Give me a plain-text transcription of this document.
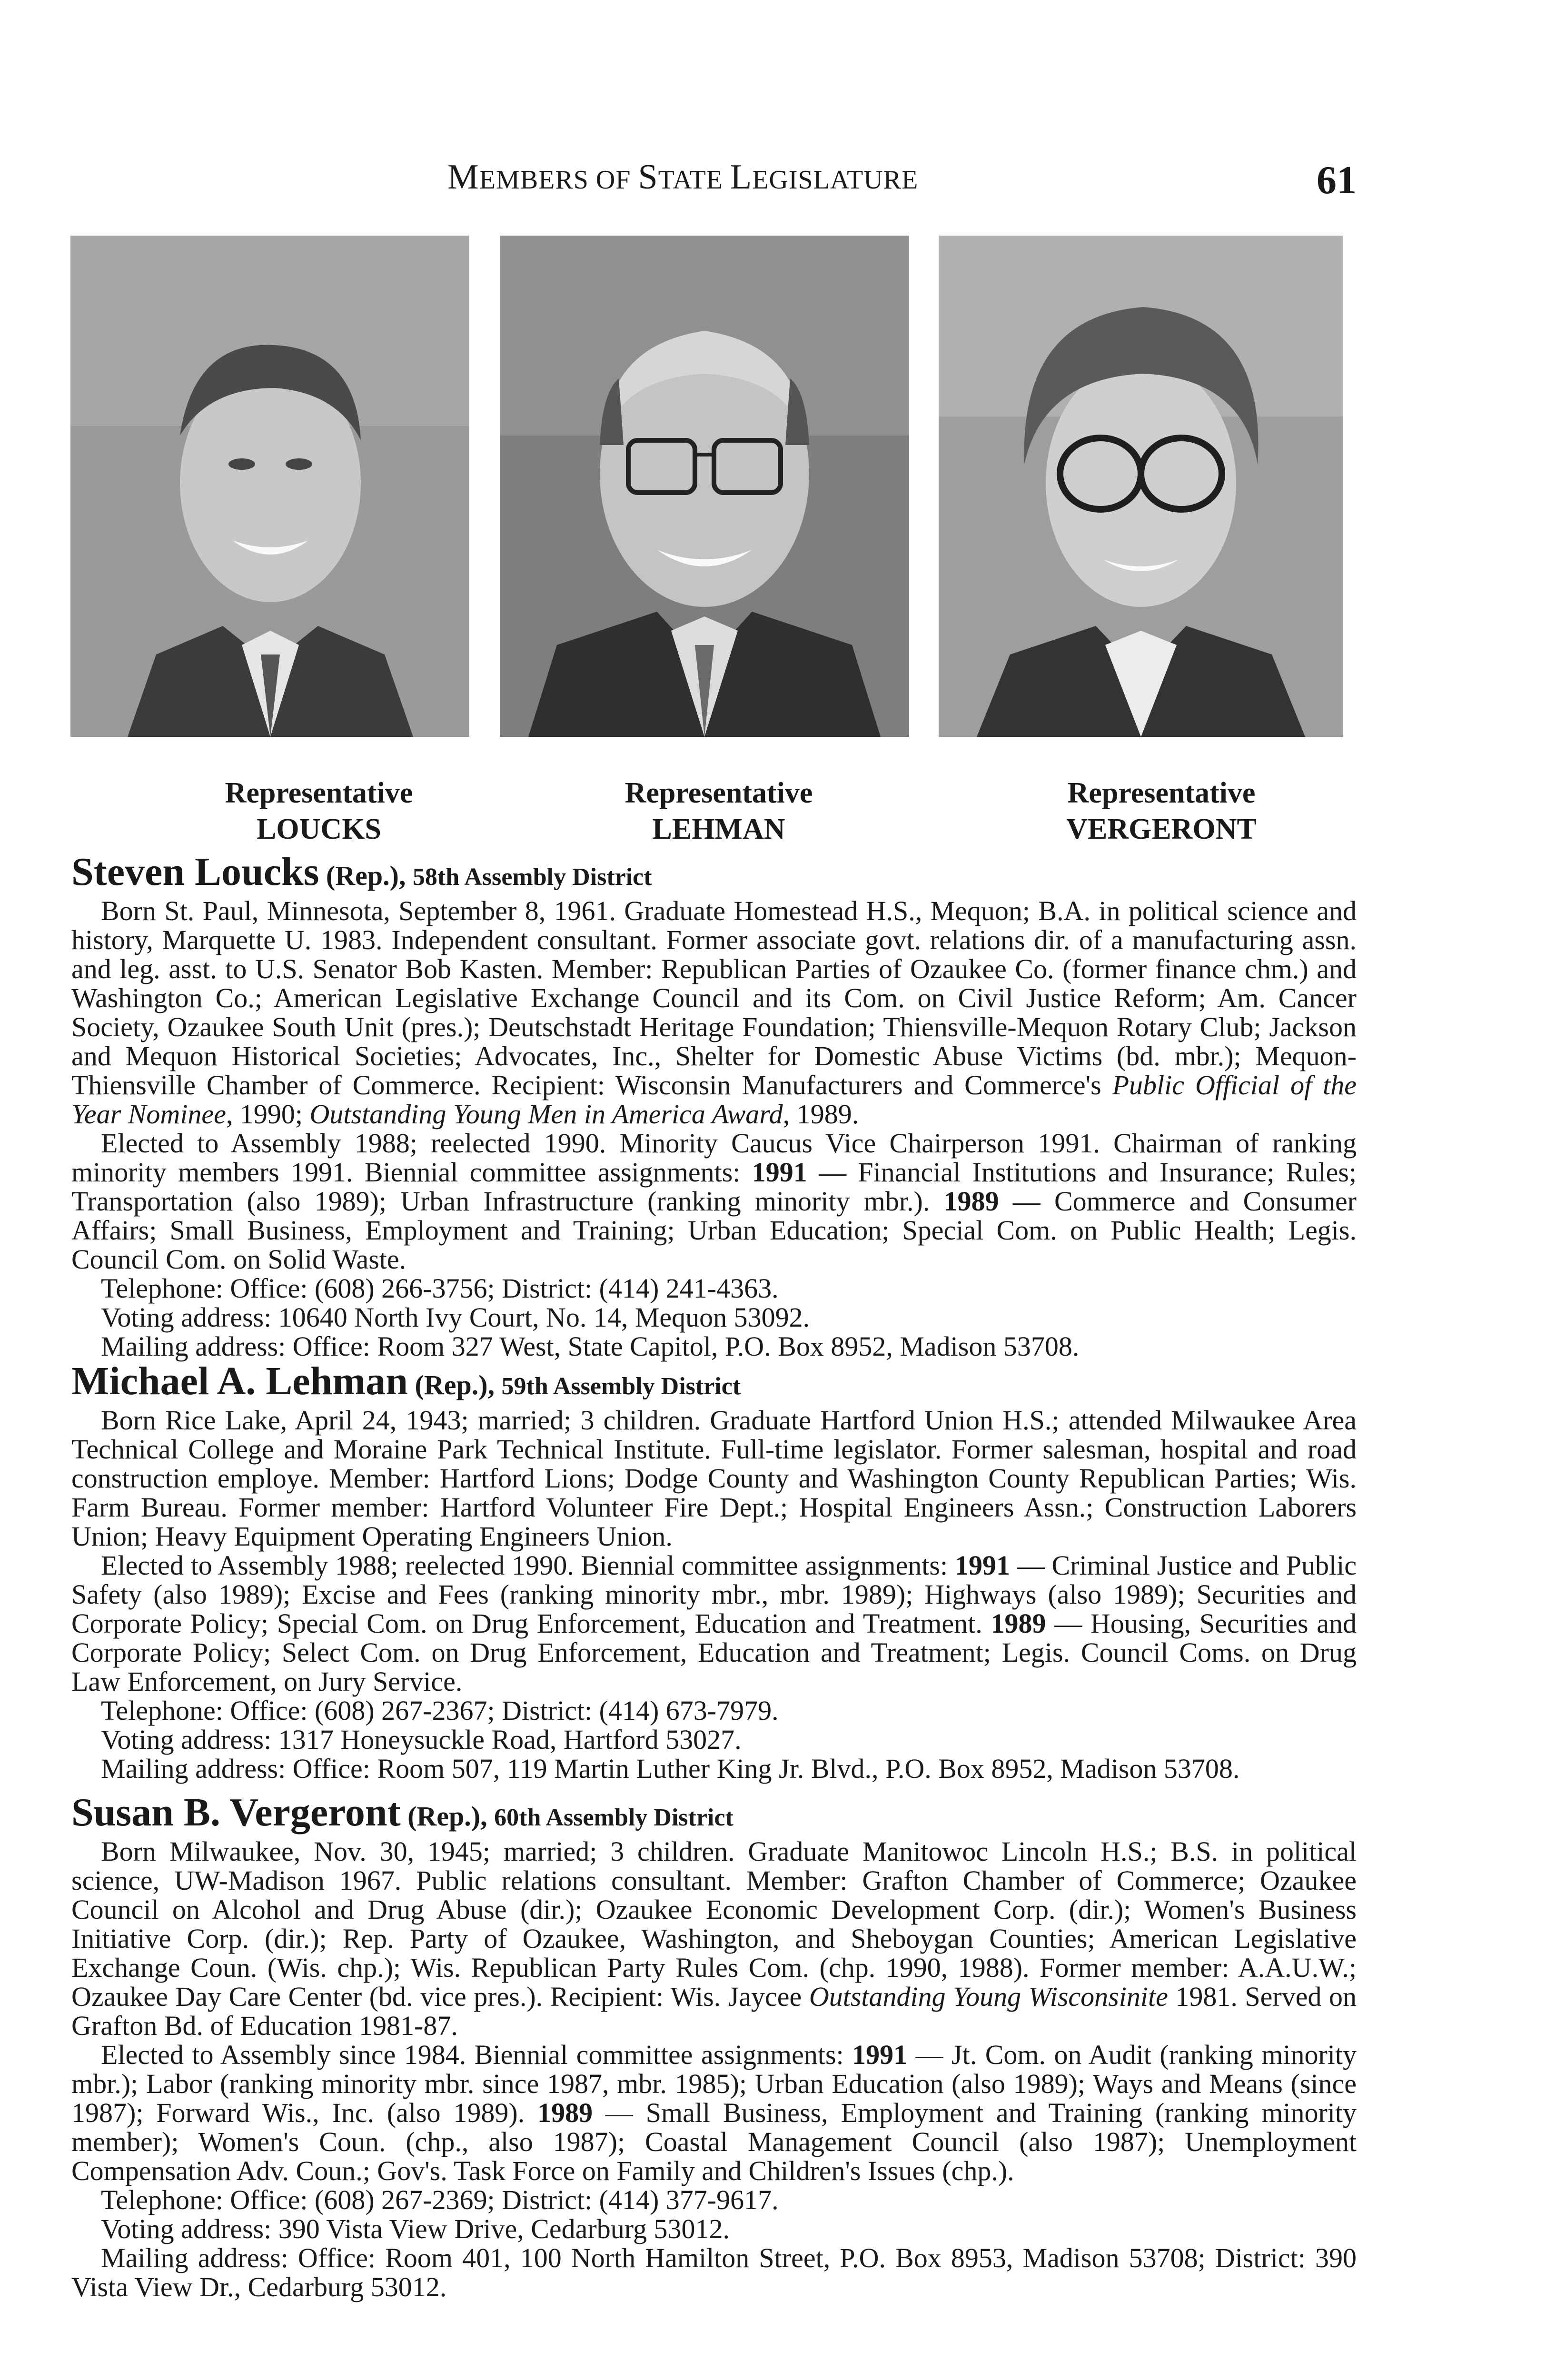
MEMBERS OF STATE LEGISLATURE	61
Representative
LOUCKS
Representative
LEHMAN
Representative
VERGERONT

Steven Loucks (Rep.), 58th Assembly District

Born St. Paul, Minnesota, September 8, 1961. Graduate Homestead H.S., Mequon; B.A. in political science and history, Marquette U. 1983. Independent consultant. Former associate govt. relations dir. of a manufacturing assn. and leg. asst. to U.S. Senator Bob Kasten. Member: Republican Parties of Ozaukee Co. (former finance chm.) and Washington Co.; American Legislative Exchange Council and its Com. on Civil Justice Reform; Am. Cancer Society, Ozaukee South Unit (pres.); Deutschstadt Heritage Foundation; Thiensville-Mequon Rotary Club; Jackson and Mequon Historical Societies; Advocates, Inc., Shelter for Domestic Abuse Victims (bd. mbr.); Mequon-Thiensville Chamber of Commerce. Recipient: Wisconsin Manufacturers and Commerce's Public Official of the Year Nominee, 1990; Outstanding Young Men in America Award, 1989.

Elected to Assembly 1988; reelected 1990. Minority Caucus Vice Chairperson 1991. Chairman of ranking minority members 1991. Biennial committee assignments: 1991 — Financial Institutions and Insurance; Rules; Transportation (also 1989); Urban Infrastructure (ranking minority mbr.). 1989 — Commerce and Consumer Affairs; Small Business, Employment and Training; Urban Education; Special Com. on Public Health; Legis. Council Com. on Solid Waste.

Telephone: Office: (608) 266-3756; District: (414) 241-4363.

Voting address: 10640 North Ivy Court, No. 14, Mequon 53092.

Mailing address: Office: Room 327 West, State Capitol, P.O. Box 8952, Madison 53708.

Michael A. Lehman (Rep.), 59th Assembly District

Born Rice Lake, April 24, 1943; married; 3 children. Graduate Hartford Union H.S.; attended Milwaukee Area Technical College and Moraine Park Technical Institute. Full-time legislator. Former salesman, hospital and road construction employe. Member: Hartford Lions; Dodge County and Washington County Republican Parties; Wis. Farm Bureau. Former member: Hartford Volunteer Fire Dept.; Hospital Engineers Assn.; Construction Laborers Union; Heavy Equipment Operating Engineers Union.

Elected to Assembly 1988; reelected 1990. Biennial committee assignments: 1991 — Criminal Justice and Public Safety (also 1989); Excise and Fees (ranking minority mbr., mbr. 1989); Highways (also 1989); Securities and Corporate Policy; Special Com. on Drug Enforcement, Education and Treatment. 1989 — Housing, Securities and Corporate Policy; Select Com. on Drug Enforcement, Education and Treatment; Legis. Council Coms. on Drug Law Enforcement, on Jury Service.

Telephone: Office: (608) 267-2367; District: (414) 673-7979.

Voting address: 1317 Honeysuckle Road, Hartford 53027.

Mailing address: Office: Room 507, 119 Martin Luther King Jr. Blvd., P.O. Box 8952, Madison 53708.

Susan B. Vergeront (Rep.), 60th Assembly District

Born Milwaukee, Nov. 30, 1945; married; 3 children. Graduate Manitowoc Lincoln H.S.; B.S. in political science, UW-Madison 1967. Public relations consultant. Member: Grafton Chamber of Commerce; Ozaukee Council on Alcohol and Drug Abuse (dir.); Ozaukee Economic Development Corp. (dir.); Women's Business Initiative Corp. (dir.); Rep. Party of Ozaukee, Washington, and Sheboygan Counties; American Legislative Exchange Coun. (Wis. chp.); Wis. Republican Party Rules Com. (chp. 1990, 1988). Former member: A.A.U.W.; Ozaukee Day Care Center (bd. vice pres.). Recipient: Wis. Jaycee Outstanding Young Wisconsinite 1981. Served on Grafton Bd. of Education 1981-87.

Elected to Assembly since 1984. Biennial committee assignments: 1991 — Jt. Com. on Audit (ranking minority mbr.); Labor (ranking minority mbr. since 1987, mbr. 1985); Urban Education (also 1989); Ways and Means (since 1987); Forward Wis., Inc. (also 1989). 1989 — Small Business, Employment and Training (ranking minority member); Women's Coun. (chp., also 1987); Coastal Management Council (also 1987); Unemployment Compensation Adv. Coun.; Gov's. Task Force on Family and Children's Issues (chp.).

Telephone: Office: (608) 267-2369; District: (414) 377-9617.

Voting address: 390 Vista View Drive, Cedarburg 53012.

Mailing address: Office: Room 401, 100 North Hamilton Street, P.O. Box 8953, Madison 53708; District: 390 Vista View Dr., Cedarburg 53012.
